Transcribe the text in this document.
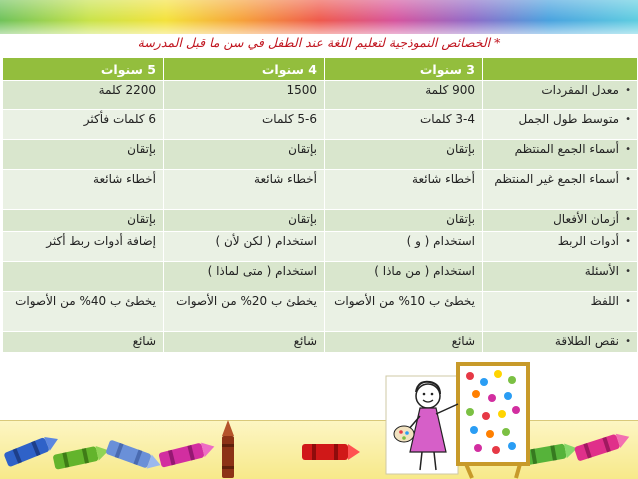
* الخصائص النموذجية لتعليم اللغة عند الطفل في سن ما قبل المدرسة
	3 سنوات	4 سنوات	5 سنوات

•
معدل المفردات	900 كلمة	1500	2200 كلمة

•
متوسط طول الجمل	3-4 كلمات	5-6 كلمات	6 كلمات فأكثر

•
أسماء الجمع المنتظم	بإتقان	بإتقان	بإتقان

•
أسماء الجمع غير المنتظم	أخطاء شائعة	أخطاء شائعة	أخطاء شائعة

•
أزمان الأفعال	بإتقان	بإتقان	بإتقان

•
أدوات الربط	استخدام ( و )	استخدام ( لكن لأن )	إضافة أدوات ربط أكثر

•
الأسئلة	استخدام ( من ماذا )	استخدام ( متى لماذا )	

•
اللفظ	يخطئ ب 10% من الأصوات	يخطئ ب 20% من الأصوات	يخطئ ب 40% من الأصوات

•
نقص الطلاقة	شائع	شائع	شائع
